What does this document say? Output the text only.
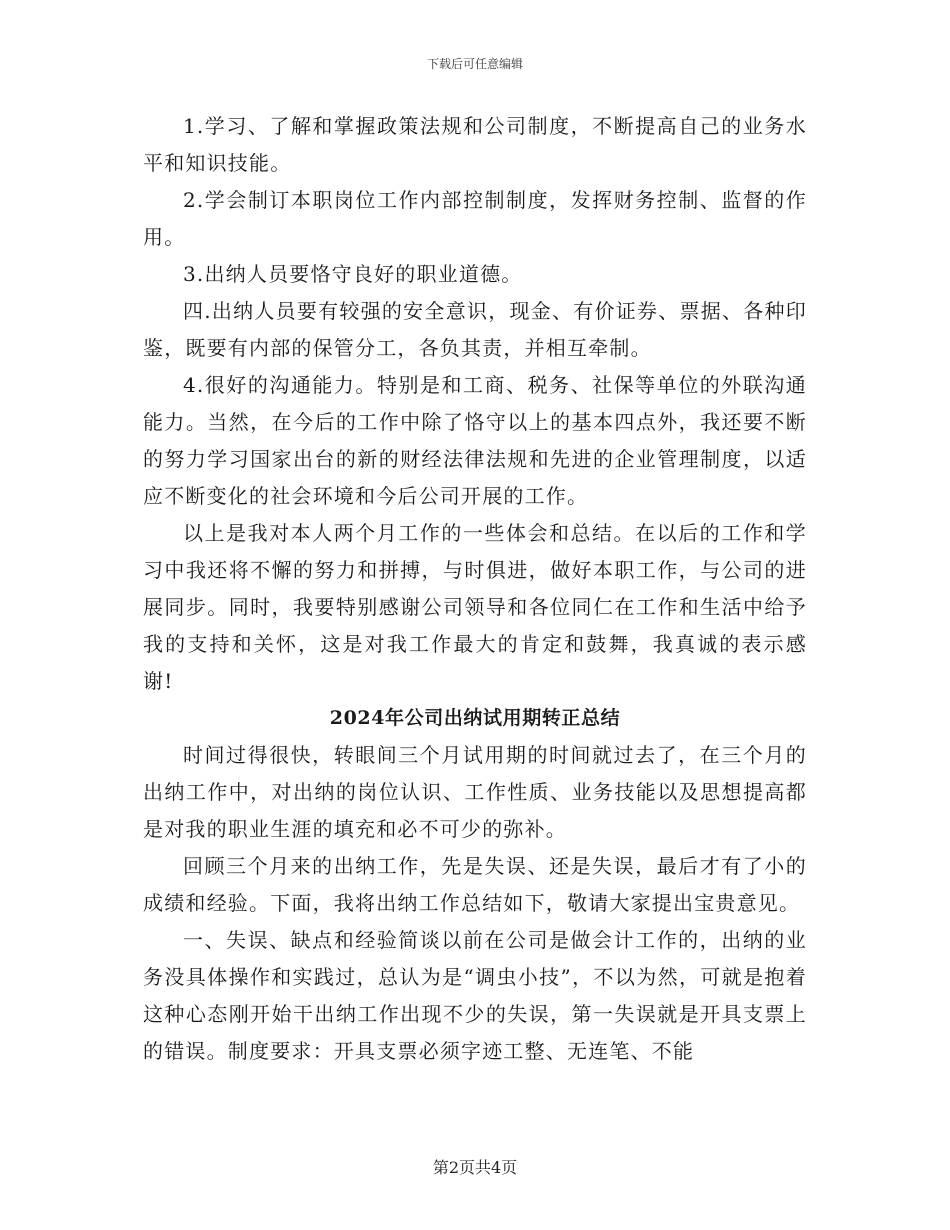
下载后可任意编辑

1.学习、了解和掌握政策法规和公司制度，不断提高自己的业务水平和知识技能。

2.学会制订本职岗位工作内部控制制度，发挥财务控制、监督的作用。

3.出纳人员要恪守良好的职业道德。

四.出纳人员要有较强的安全意识，现金、有价证券、票据、各种印鉴，既要有内部的保管分工，各负其责，并相互牵制。

4.很好的沟通能力。特别是和工商、税务、社保等单位的外联沟通能力。当然，在今后的工作中除了恪守以上的基本四点外，我还要不断的努力学习国家出台的新的财经法律法规和先进的企业管理制度，以适应不断变化的社会环境和今后公司开展的工作。

以上是我对本人两个月工作的一些体会和总结。在以后的工作和学习中我还将不懈的努力和拼搏，与时俱进，做好本职工作，与公司的进展同步。同时，我要特别感谢公司领导和各位同仁在工作和生活中给予我的支持和关怀，这是对我工作最大的肯定和鼓舞，我真诚的表示感谢!

2024年公司出纳试用期转正总结

时间过得很快，转眼间三个月试用期的时间就过去了，在三个月的出纳工作中，对出纳的岗位认识、工作性质、业务技能以及思想提高都是对我的职业生涯的填充和必不可少的弥补。

回顾三个月来的出纳工作，先是失误、还是失误，最后才有了小的成绩和经验。下面，我将出纳工作总结如下，敬请大家提出宝贵意见。

一、失误、缺点和经验简谈以前在公司是做会计工作的，出纳的业务没具体操作和实践过，总认为是“调虫小技”，不以为然，可就是抱着这种心态刚开始干出纳工作出现不少的失误，第一失误就是开具支票上的错误。制度要求：开具支票必须字迹工整、无连笔、不能

第2页共4页
